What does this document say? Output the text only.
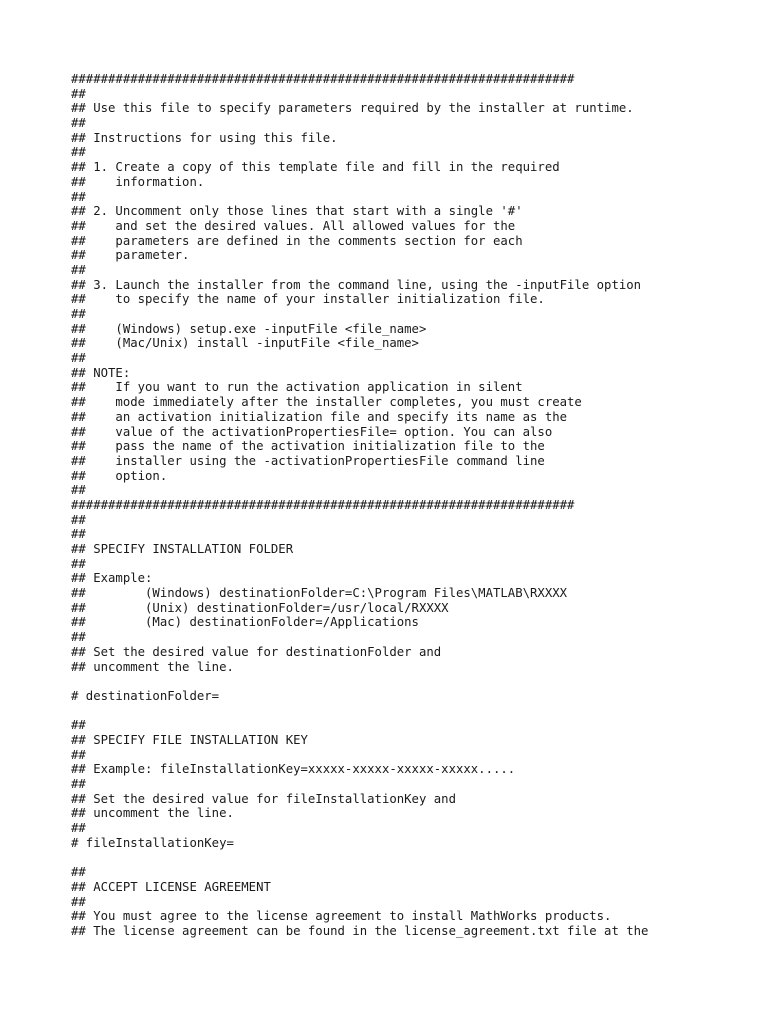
####################################################################
##
## Use this file to specify parameters required by the installer at runtime.
##
## Instructions for using this file.
##
## 1. Create a copy of this template file and fill in the required
##    information.
##
## 2. Uncomment only those lines that start with a single '#'
##    and set the desired values. All allowed values for the
##    parameters are defined in the comments section for each
##    parameter.
##
## 3. Launch the installer from the command line, using the -inputFile option
##    to specify the name of your installer initialization file.
##
##    (Windows) setup.exe -inputFile <file_name>
##    (Mac/Unix) install -inputFile <file_name>
##
## NOTE:
##    If you want to run the activation application in silent
##    mode immediately after the installer completes, you must create
##    an activation initialization file and specify its name as the
##    value of the activationPropertiesFile= option. You can also
##    pass the name of the activation initialization file to the
##    installer using the -activationPropertiesFile command line
##    option.
##
####################################################################
##
##
## SPECIFY INSTALLATION FOLDER
##
## Example:
##        (Windows) destinationFolder=C:\Program Files\MATLAB\RXXXX
##        (Unix) destinationFolder=/usr/local/RXXXX
##        (Mac) destinationFolder=/Applications
##
## Set the desired value for destinationFolder and
## uncomment the line.
# destinationFolder=
##
## SPECIFY FILE INSTALLATION KEY
##
## Example: fileInstallationKey=xxxxx-xxxxx-xxxxx-xxxxx.....
##
## Set the desired value for fileInstallationKey and
## uncomment the line.
##
# fileInstallationKey=
##
## ACCEPT LICENSE AGREEMENT
##
## You must agree to the license agreement to install MathWorks products.
## The license agreement can be found in the license_agreement.txt file at the
